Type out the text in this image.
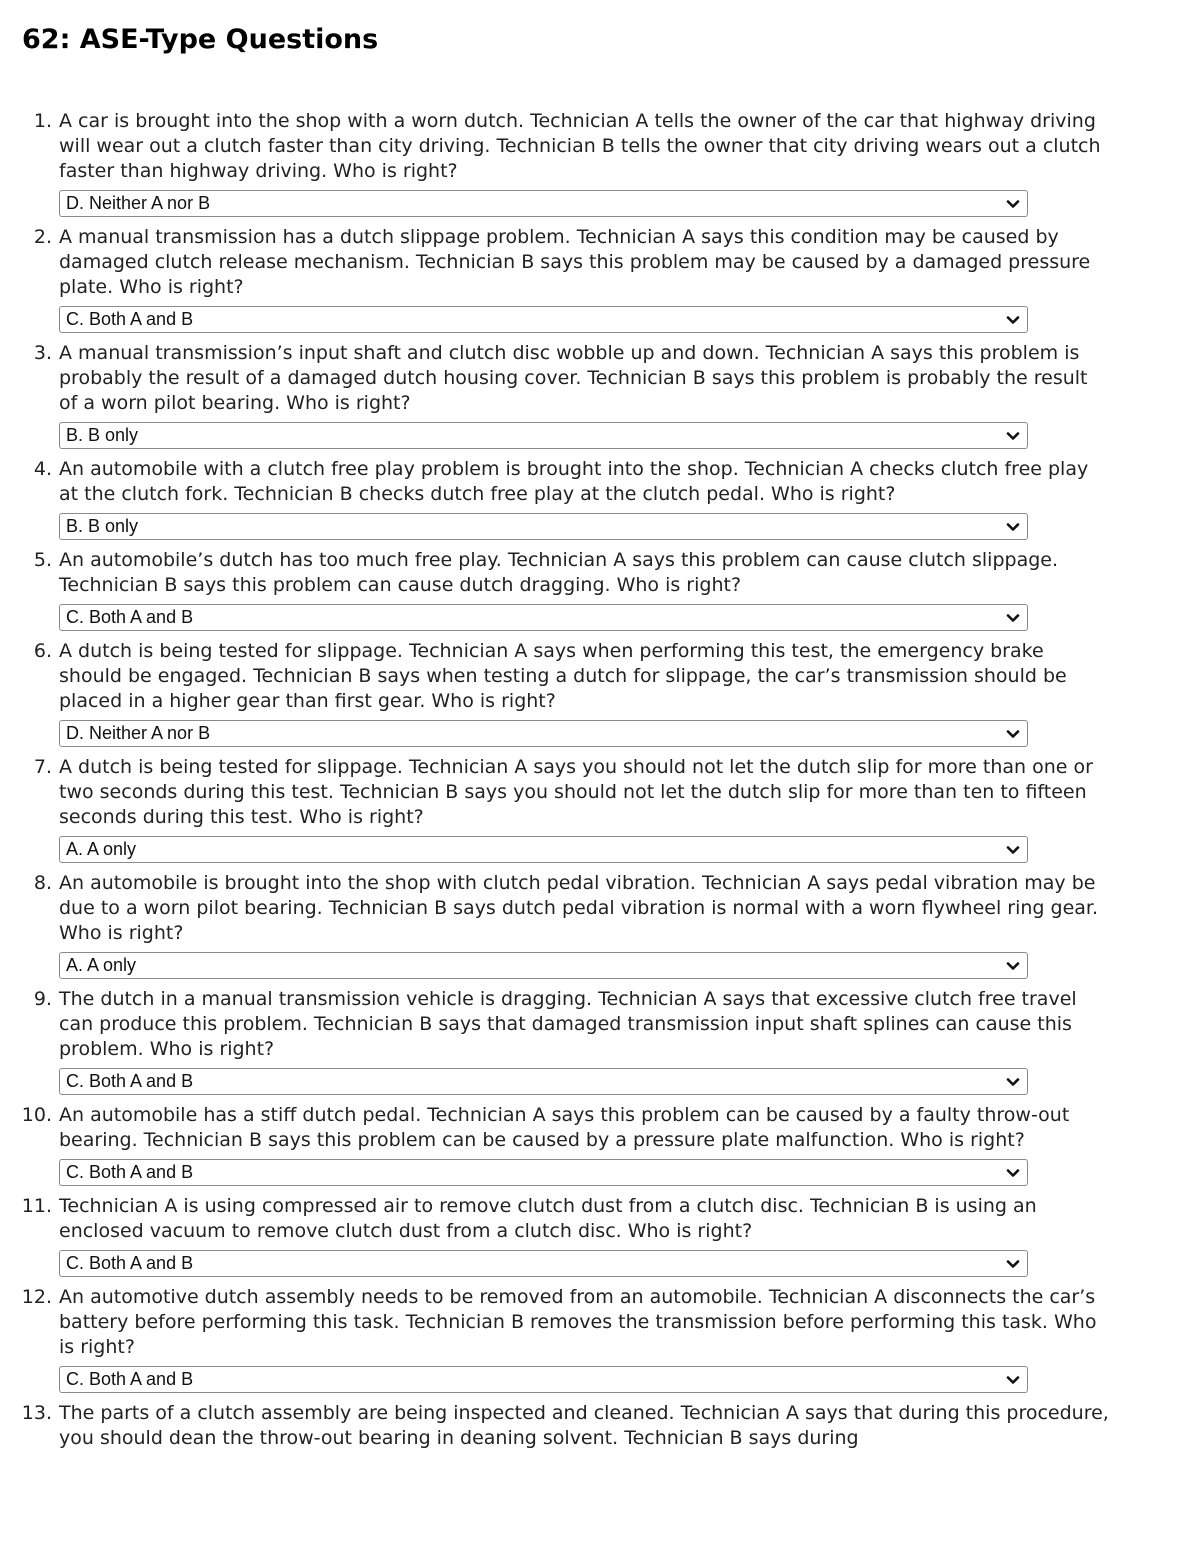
62: ASE-Type Questions
1. A car is brought into the shop with a worn dutch. Technician A tells the owner of the car that highway driving will wear out a clutch faster than city driving. Technician B tells the owner that city driving wears out a clutch faster than highway driving. Who is right?

D. Neither A nor B
2. A manual transmission has a dutch slippage problem. Technician A says this condition may be caused by damaged clutch release mechanism. Technician B says this problem may be caused by a damaged pressure plate. Who is right?

C. Both A and B
3. A manual transmission’s input shaft and clutch disc wobble up and down. Technician A says this problem is probably the result of a damaged dutch housing cover. Technician B says this problem is probably the result of a worn pilot bearing. Who is right?

B. B only
4. An automobile with a clutch free play problem is brought into the shop. Technician A checks clutch free play at the clutch fork. Technician B checks dutch free play at the clutch pedal. Who is right?

B. B only
5. An automobile’s dutch has too much free play. Technician A says this problem can cause clutch slippage. Technician B says this problem can cause dutch dragging. Who is right?

C. Both A and B
6. A dutch is being tested for slippage. Technician A says when performing this test, the emergency brake should be engaged. Technician B says when testing a dutch for slippage, the car’s transmission should be placed in a higher gear than first gear. Who is right?

D. Neither A nor B
7. A dutch is being tested for slippage. Technician A says you should not let the dutch slip for more than one or two seconds during this test. Technician B says you should not let the dutch slip for more than ten to fifteen seconds during this test. Who is right?

A. A only
8. An automobile is brought into the shop with clutch pedal vibration. Technician A says pedal vibration may be due to a worn pilot bearing. Technician B says dutch pedal vibration is normal with a worn flywheel ring gear. Who is right?

A. A only
9. The dutch in a manual transmission vehicle is dragging. Technician A says that excessive clutch free travel can produce this problem. Technician B says that damaged transmission input shaft splines can cause this problem. Who is right?

C. Both A and B
10. An automobile has a stiff dutch pedal. Technician A says this problem can be caused by a faulty throw-out bearing. Technician B says this problem can be caused by a pressure plate malfunction. Who is right?

C. Both A and B
11. Technician A is using compressed air to remove clutch dust from a clutch disc. Technician B is using an enclosed vacuum to remove clutch dust from a clutch disc. Who is right?

C. Both A and B
12. An automotive dutch assembly needs to be removed from an automobile. Technician A disconnects the car’s battery before performing this task. Technician B removes the transmission before performing this task. Who is right?

C. Both A and B
13. The parts of a clutch assembly are being inspected and cleaned. Technician A says that during this procedure, you should dean the throw-out bearing in deaning solvent. Technician B says during
